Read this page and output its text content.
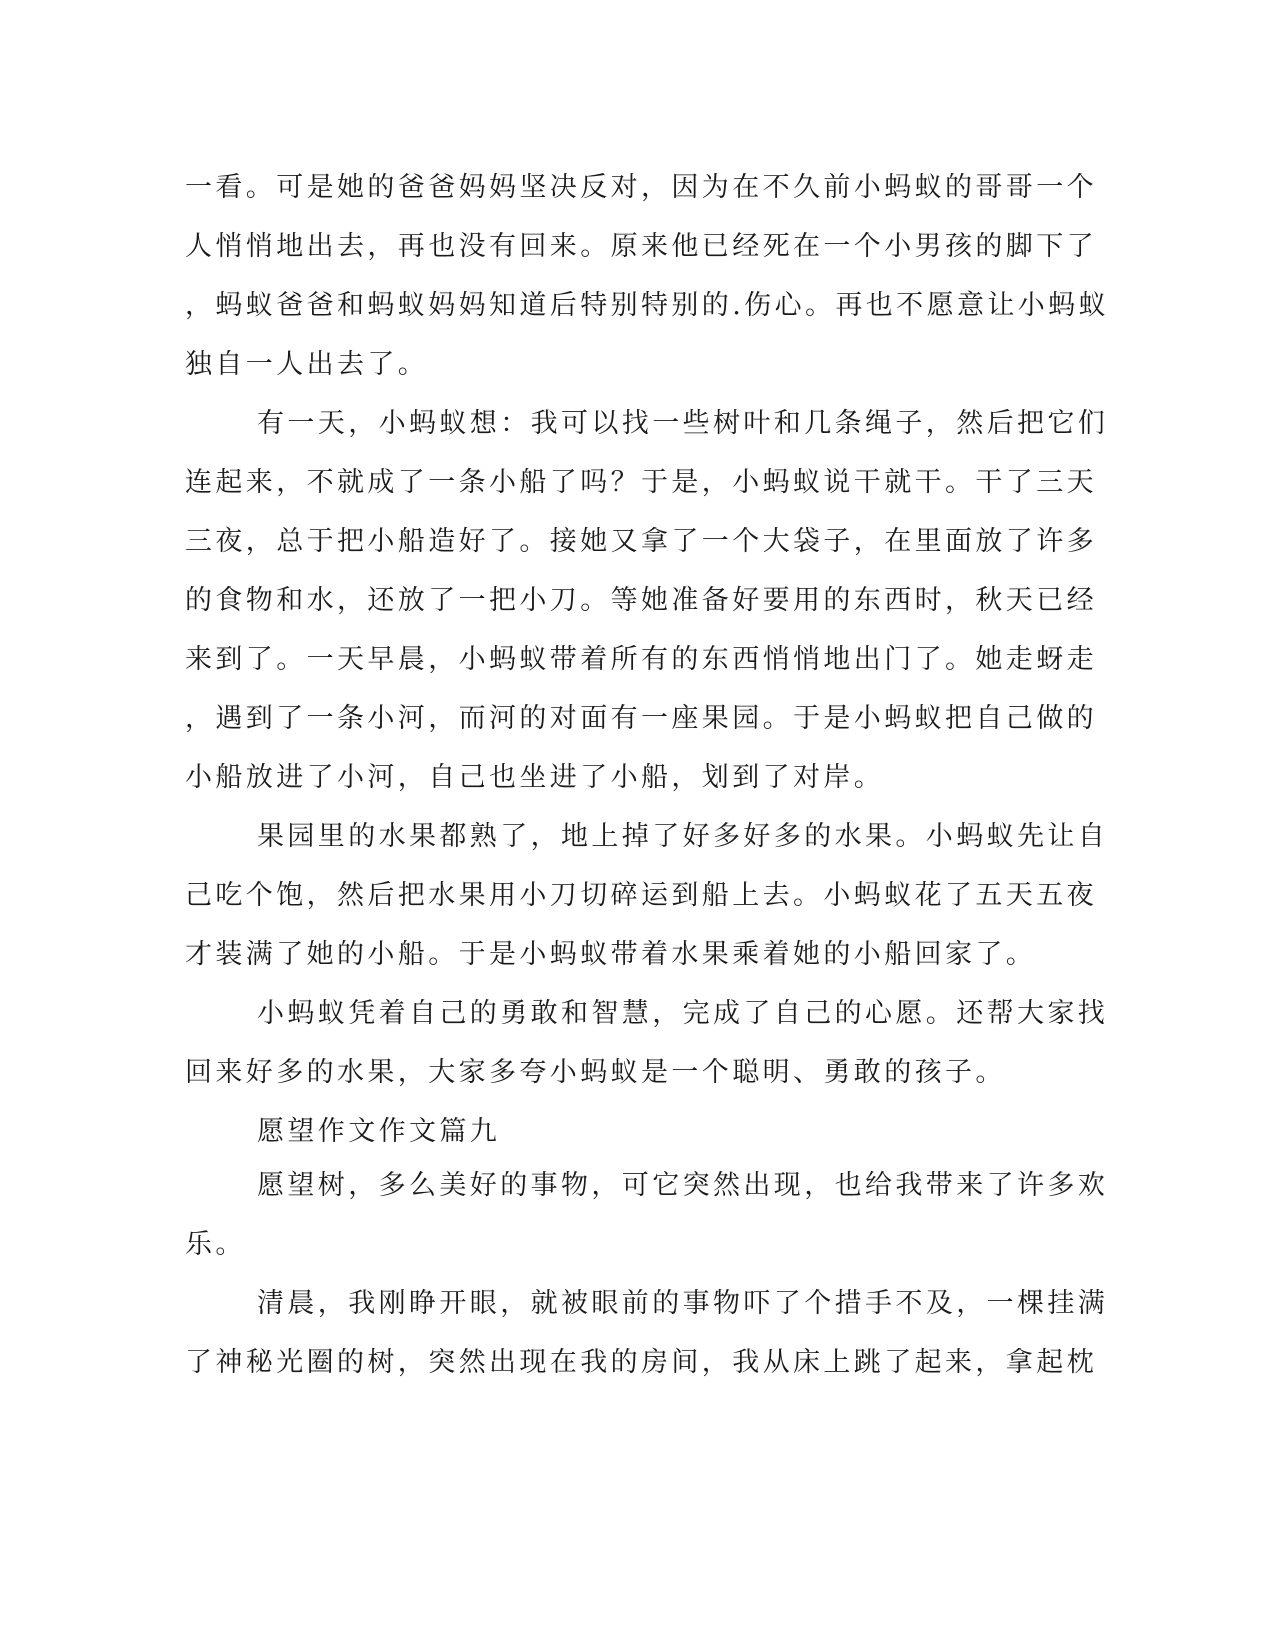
一看。可是她的爸爸妈妈坚决反对，因为在不久前小蚂蚁的哥哥一个
人悄悄地出去，再也没有回来。原来他已经死在一个小男孩的脚下了
，蚂蚁爸爸和蚂蚁妈妈知道后特别特别的.伤心。再也不愿意让小蚂蚁
独自一人出去了。
有一天，小蚂蚁想：我可以找一些树叶和几条绳子，然后把它们
连起来，不就成了一条小船了吗？于是，小蚂蚁说干就干。干了三天
三夜，总于把小船造好了。接她又拿了一个大袋子，在里面放了许多
的食物和水，还放了一把小刀。等她准备好要用的东西时，秋天已经
来到了。一天早晨，小蚂蚁带着所有的东西悄悄地出门了。她走蚜走
，遇到了一条小河，而河的对面有一座果园。于是小蚂蚁把自己做的
小船放进了小河，自己也坐进了小船，划到了对岸。
果园里的水果都熟了，地上掉了好多好多的水果。小蚂蚁先让自
己吃个饱，然后把水果用小刀切碎运到船上去。小蚂蚁花了五天五夜
才装满了她的小船。于是小蚂蚁带着水果乘着她的小船回家了。
小蚂蚁凭着自己的勇敢和智慧，完成了自己的心愿。还帮大家找
回来好多的水果，大家多夸小蚂蚁是一个聪明、勇敢的孩子。
愿望作文作文篇九
愿望树，多么美好的事物，可它突然出现，也给我带来了许多欢
乐。
清晨，我刚睁开眼，就被眼前的事物吓了个措手不及，一棵挂满
了神秘光圈的树，突然出现在我的房间，我从床上跳了起来，拿起枕
